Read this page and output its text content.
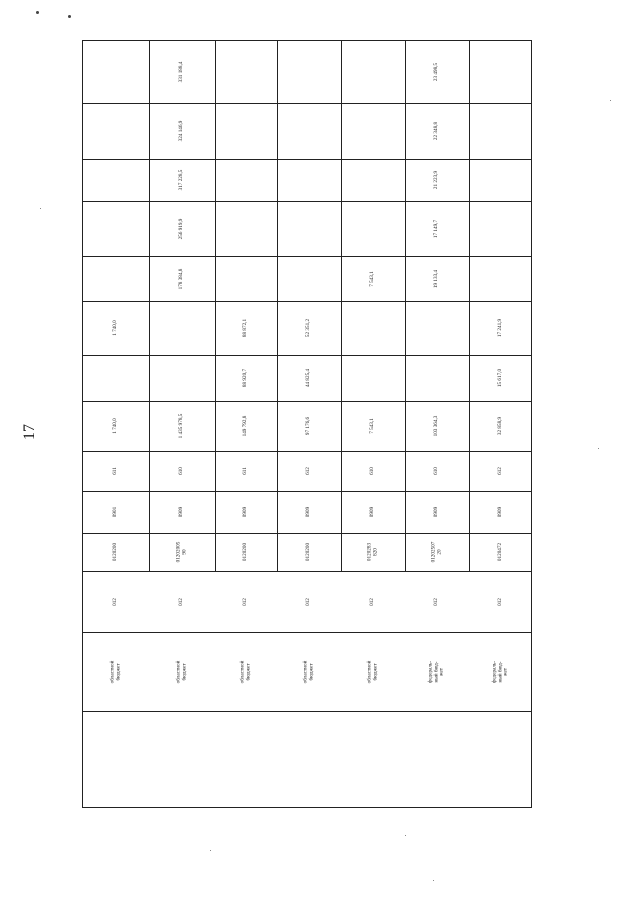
17
областной
бюджет
012
0120200
0901
611
1 740,0
1 740,0
областной
бюджет
012
01202005
90
0909
610
1 435 978,5
178 384,8
256 919,9
317 228,5
324 146,9
331 188,4
областной
бюджет
012
0120200
0909
611
149 792,8
88 920,7
88 872,1
областной
бюджет
012
0120200
0909
612
97 176,6
44 825,4
52 351,2
областной
бюджет
012
0120283
820
0909
610
7 543,1
7 543,1
федераль-
ный бюд-
жет
012
01202507
20
0909
610
103 364,3
19 133,4
17 149,7
21 223,9
22 348,8
23 498,5
федераль-
ный бюд-
жет
012
0120472
0909
612
32 858,9
15 617,0
17 241,9
